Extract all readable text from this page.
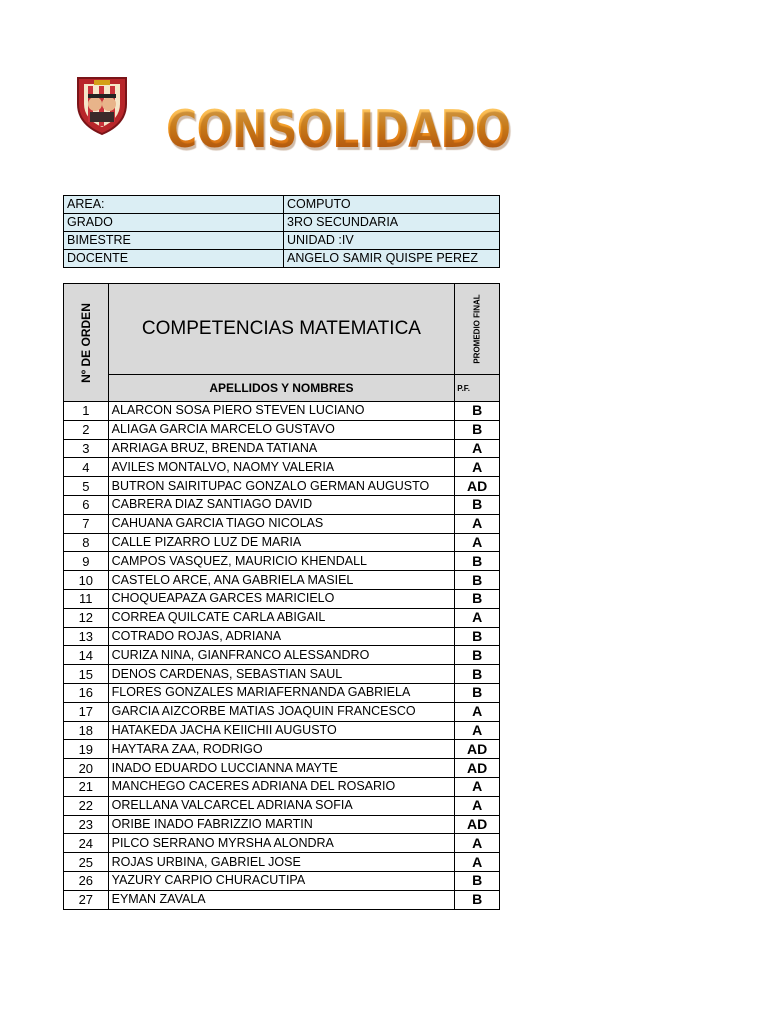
CONSOLIDADO
AREA:	COMPUTO
GRADO	3RO SECUNDARIA
BIMESTRE	UNIDAD :IV
DOCENTE	ANGELO SAMIR QUISPE PEREZ
Nº DE ORDEN	COMPETENCIAS MATEMATICA	PROMEDIO FINAL

	APELLIDOS Y NOMBRES	P.F.
1	ALARCON SOSA PIERO STEVEN LUCIANO	B
2	ALIAGA GARCIA MARCELO GUSTAVO	B
3	ARRIAGA BRUZ, BRENDA TATIANA	A
4	AVILES MONTALVO, NAOMY VALERIA	A
5	BUTRON SAIRITUPAC GONZALO GERMAN AUGUSTO	AD
6	CABRERA DIAZ SANTIAGO DAVID	B
7	CAHUANA GARCIA TIAGO NICOLAS	A
8	CALLE PIZARRO LUZ DE MARIA	A
9	CAMPOS VASQUEZ, MAURICIO KHENDALL	B
10	CASTELO ARCE, ANA GABRIELA MASIEL	B
11	CHOQUEAPAZA GARCES MARICIELO	B
12	CORREA QUILCATE CARLA ABIGAIL	A
13	COTRADO ROJAS, ADRIANA	B
14	CURIZA NINA, GIANFRANCO ALESSANDRO	B
15	DENOS CARDENAS, SEBASTIAN SAUL	B
16	FLORES GONZALES MARIAFERNANDA GABRIELA	B
17	GARCIA AIZCORBE MATIAS JOAQUIN FRANCESCO	A
18	HATAKEDA JACHA KEIICHII AUGUSTO	A
19	HAYTARA ZAA, RODRIGO	AD
20	INADO EDUARDO LUCCIANNA MAYTE	AD
21	MANCHEGO CACERES ADRIANA DEL ROSARIO	A
22	ORELLANA VALCARCEL ADRIANA SOFIA	A
23	ORIBE INADO FABRIZZIO MARTIN	AD
24	PILCO SERRANO MYRSHA ALONDRA	A
25	ROJAS URBINA, GABRIEL JOSE	A
26	YAZURY CARPIO CHURACUTIPA	B
27	EYMAN ZAVALA	B
